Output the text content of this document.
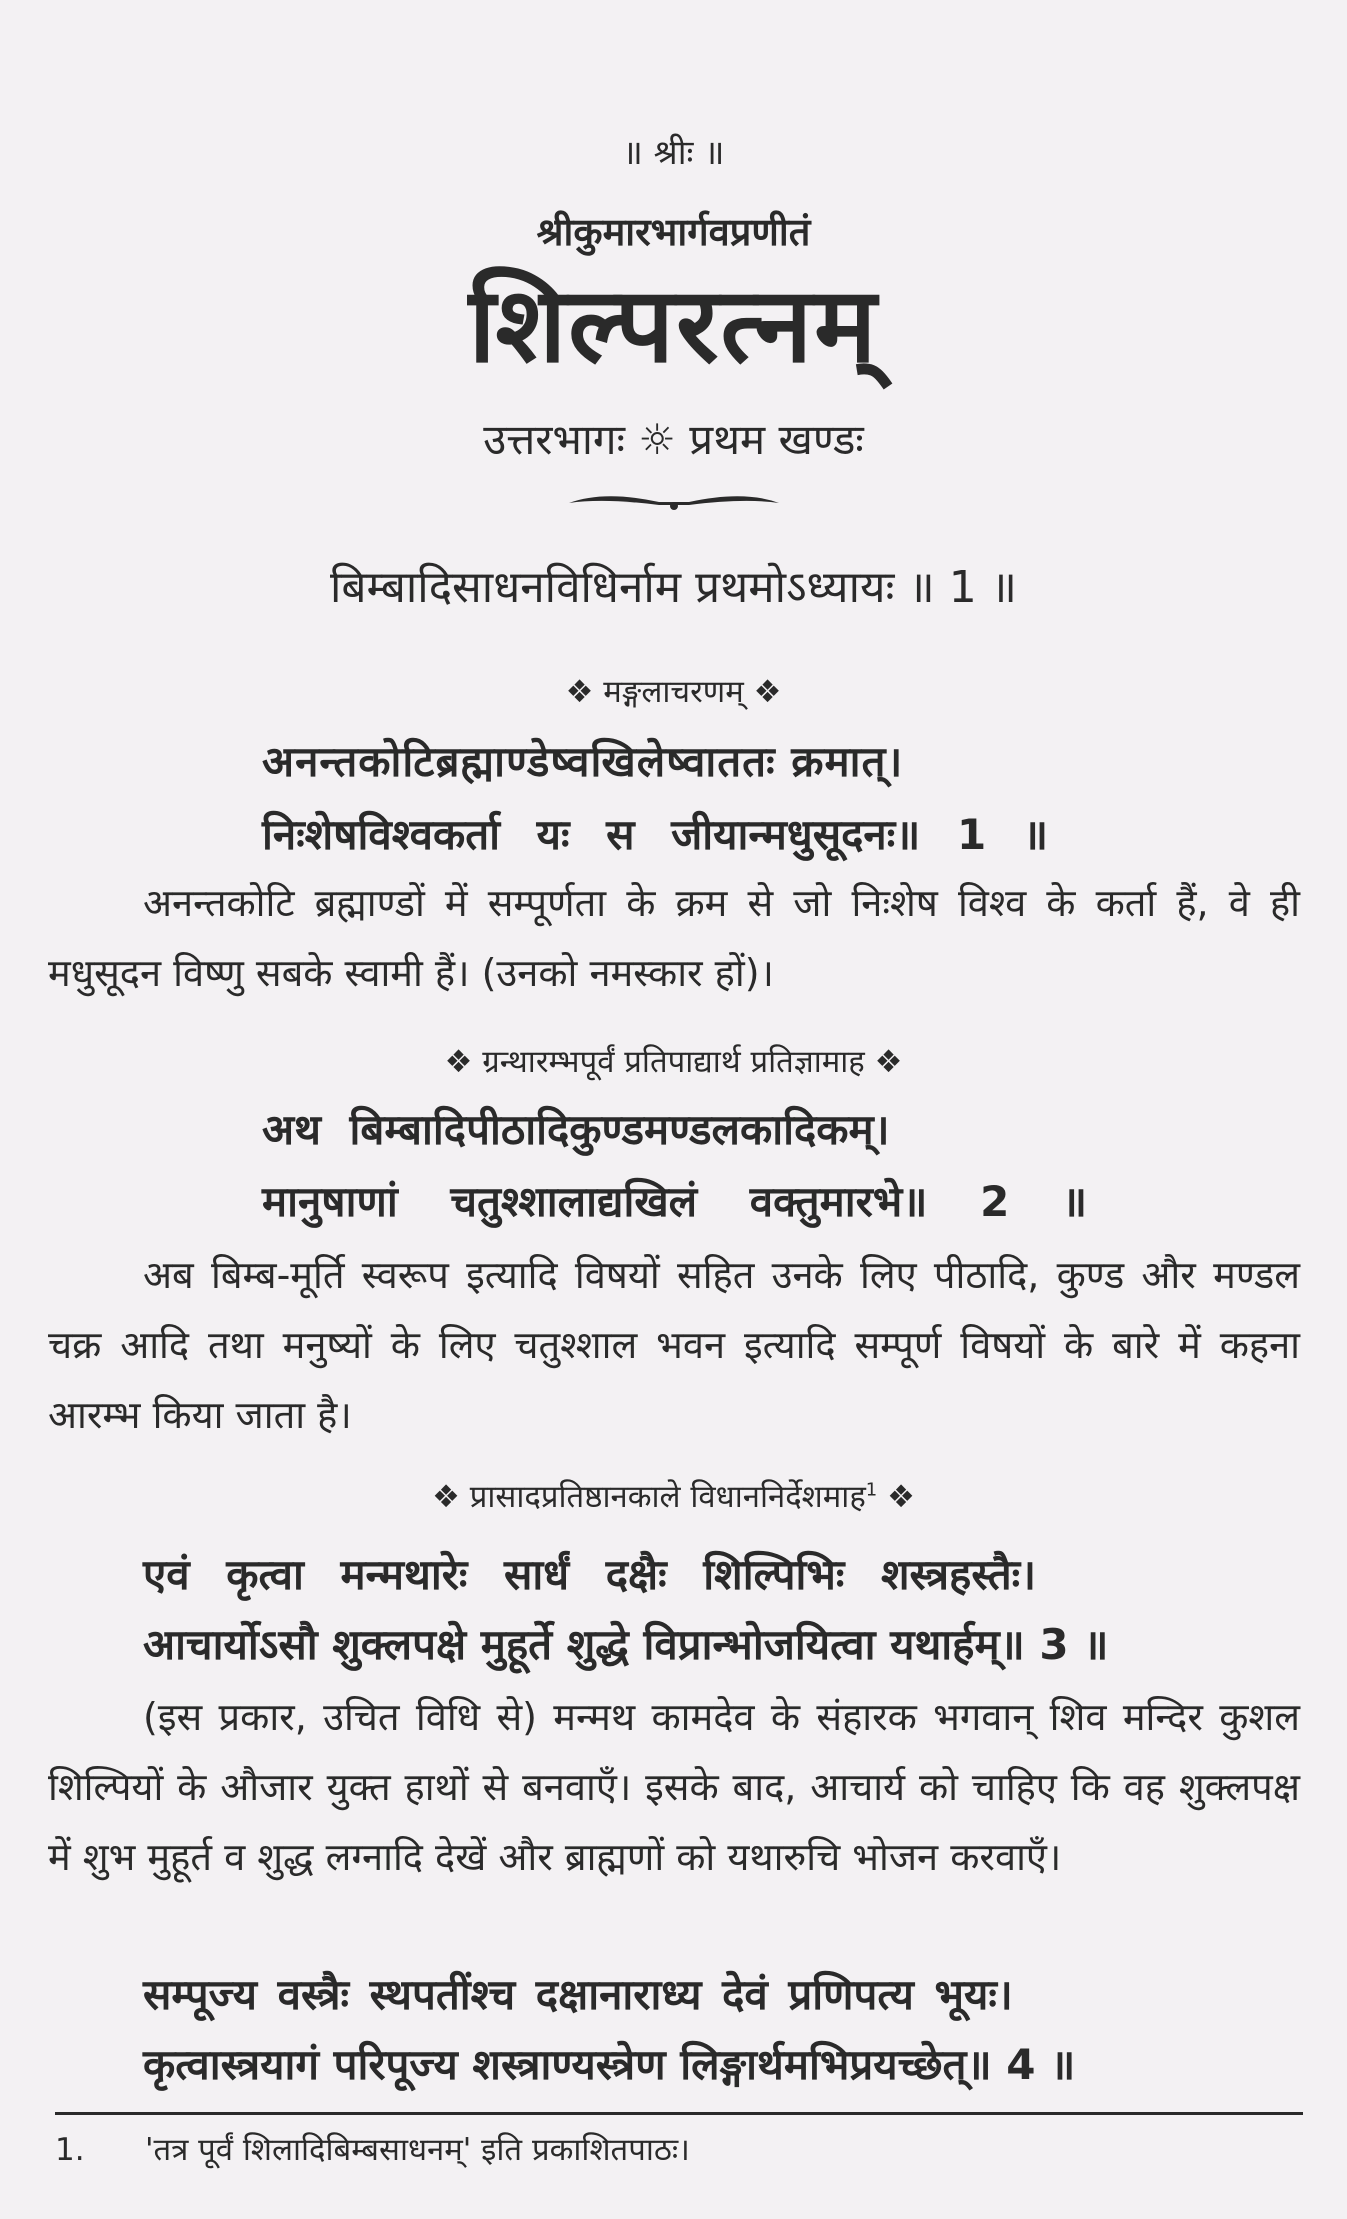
॥ श्रीः ॥
श्रीकुमारभार्गवप्रणीतं
शिल्परत्नम्
उत्तरभागः ☼ प्रथम खण्डः
बिम्बादिसाधनविधिर्नाम प्रथमोऽध्यायः ॥ 1 ॥
❖ मङ्गलाचरणम् ❖
अनन्तकोटिब्रह्माण्डेष्वखिलेष्वाततः क्रमात्।
निःशेषविश्वकर्ता यः स जीयान्मधुसूदनः॥ 1 ॥
अनन्तकोटि ब्रह्माण्डों में सम्पूर्णता के क्रम से जो निःशेष विश्व के कर्ता हैं, वे ही मधुसूदन विष्णु सबके स्वामी हैं। (उनको नमस्कार हों)।
❖ ग्रन्थारम्भपूर्वं प्रतिपाद्यार्थ प्रतिज्ञामाह ❖
अथ बिम्बादिपीठादिकुण्डमण्डलकादिकम्।
मानुषाणां चतुश्शालाद्यखिलं वक्तुमारभे॥ 2 ॥
अब बिम्ब-मूर्ति स्वरूप इत्यादि विषयों सहित उनके लिए पीठादि, कुण्ड और मण्डल चक्र आदि तथा मनुष्यों के लिए चतुश्शाल भवन इत्यादि सम्पूर्ण विषयों के बारे में कहना आरम्भ किया जाता है।
❖ प्रासादप्रतिष्ठानकाले विधाननिर्देशमाह$^1$ ❖
एवं कृत्वा मन्मथारेः सार्धं दक्षैः शिल्पिभिः शस्त्रहस्तैः।
आचार्योऽसौ शुक्लपक्षे मुहूर्ते शुद्धे विप्रान्भोजयित्वा यथार्हम्॥ 3 ॥
(इस प्रकार, उचित विधि से) मन्मथ कामदेव के संहारक भगवान् शिव मन्दिर कुशल शिल्पियों के औजार युक्त हाथों से बनवाएँ। इसके बाद, आचार्य को चाहिए कि वह शुक्लपक्ष में शुभ मुहूर्त व शुद्ध लग्नादि देखें और ब्राह्मणों को यथारुचि भोजन करवाएँ।
सम्पूज्य वस्त्रैः स्थपतींश्च दक्षानाराध्य देवं प्रणिपत्य भूयः।
कृत्वास्त्रयागं परिपूज्य शस्त्राण्यस्त्रेण लिङ्गार्थमभिप्रयच्छेत्॥ 4 ॥
1. 'तत्र पूर्वं शिलादिबिम्बसाधनम्' इति प्रकाशितपाठः।
